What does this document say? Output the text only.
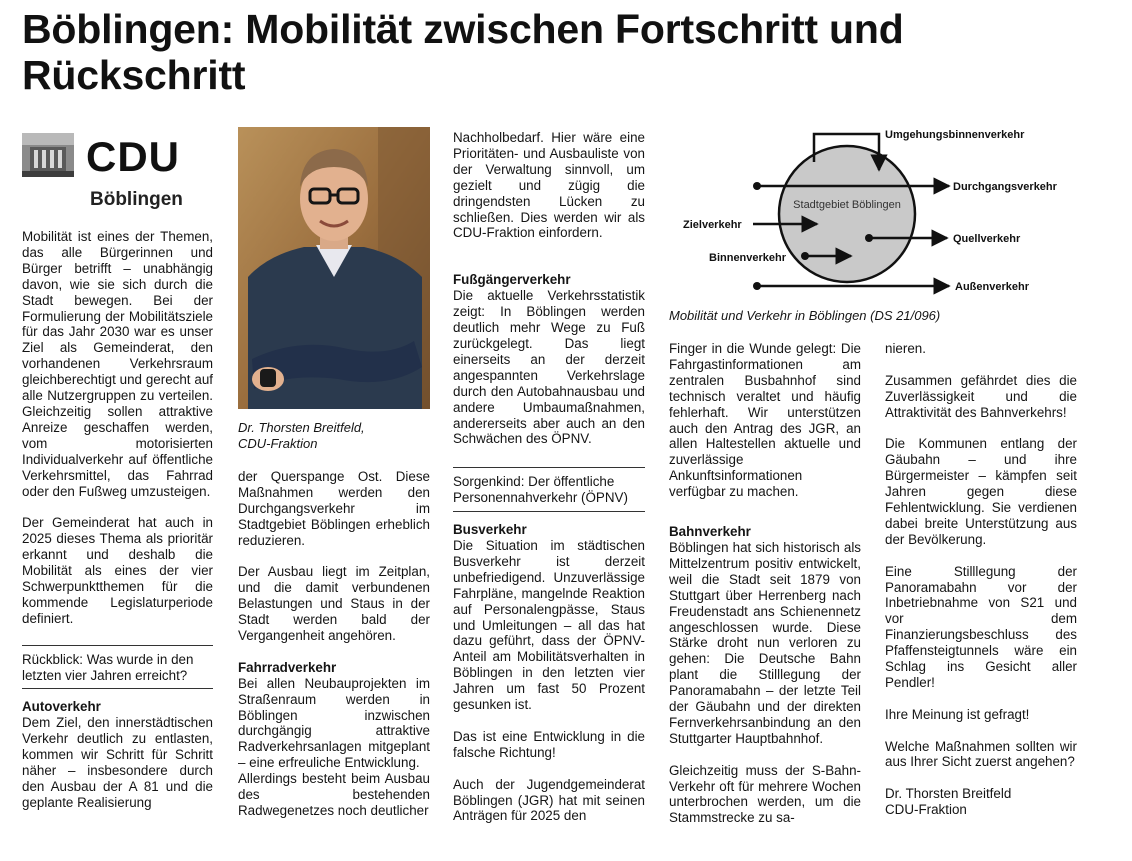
Böblingen: Mobilität zwischen Fortschritt und Rückschritt
CDU
Böblingen

Mobilität ist eines der Themen, das alle Bürgerinnen und Bürger betrifft – unabhängig davon, wie sie sich durch die Stadt bewegen. Bei der Formulierung der Mobilitätsziele für das Jahr 2030 war es unser Ziel als Gemeinderat, den vorhandenen Verkehrsraum gleichberechtigt und gerecht auf alle Nutzergruppen zu verteilen. Gleichzeitig sollen attraktive Anreize geschaffen werden, vom motorisierten Individualverkehr auf öffentliche Verkehrsmittel, das Fahrrad oder den Fußweg umzusteigen.

Der Gemeinderat hat auch in 2025 dieses Thema als prioritär erkannt und deshalb die Mobilität als eines der vier Schwerpunktthemen für die kommende Legislaturperiode definiert.

Rückblick: Was wurde in den letzten vier Jahren erreicht?
Autoverkehr

Dem Ziel, den innerstädtischen Verkehr deutlich zu entlasten, kommen wir Schritt für Schritt näher – insbesondere durch den Ausbau der A 81 und die geplante Realisierung

Dr. Thorsten Breitfeld,
CDU-Fraktion

der Querspange Ost. Diese Maßnahmen werden den Durchgangsverkehr im Stadtgebiet Böblingen erheblich reduzieren.

Der Ausbau liegt im Zeitplan, und die damit verbundenen Belastungen und Staus in der Stadt werden bald der Vergangenheit angehören.

Fahrradverkehr

Bei allen Neubauprojekten im Straßenraum werden in Böblingen inzwischen durchgängig attraktive Radverkehrsanlagen mitgeplant – eine erfreuliche Entwicklung.

Allerdings besteht beim Ausbau des bestehenden Radwegenetzes noch deutlicher

Nachholbedarf. Hier wäre eine Prioritäten- und Ausbauliste von der Verwaltung sinnvoll, um gezielt und zügig die dringendsten Lücken zu schließen. Dies werden wir als CDU-Fraktion einfordern.

Fußgängerverkehr

Die aktuelle Verkehrsstatistik zeigt: In Böblingen werden deutlich mehr Wege zu Fuß zurückgelegt. Das liegt einerseits an der derzeit angespannten Verkehrslage durch den Autobahnausbau und andere Umbaumaßnahmen, andererseits aber auch an den Schwächen des ÖPNV.

Sorgenkind: Der öffentliche Personennahverkehr (ÖPNV)
Busverkehr

Die Situation im städtischen Busverkehr ist derzeit unbefriedigend. Unzuverlässige Fahrpläne, mangelnde Reaktion auf Personalengpässe, Staus und Umleitungen – all das hat dazu geführt, dass der ÖPNV-Anteil am Mobilitätsverhalten in Böblingen in den letzten vier Jahren um fast 50 Prozent gesunken ist.

Das ist eine Entwicklung in die falsche Richtung!

Auch der Jugendgemeinderat Böblingen (JGR) hat mit seinen Anträgen für 2025 den

Stadtgebiet Böblingen
Umgehungsbinnenverkehr
Durchgangsverkehr
Zielverkehr
Quellverkehr
Binnenverkehr
Außenverkehr
Mobilität und Verkehr in Böblingen (DS 21/096)

Finger in die Wunde gelegt: Die Fahrgastinformationen am zentralen Busbahnhof sind technisch veraltet und häufig fehlerhaft. Wir unterstützen auch den Antrag des JGR, an allen Haltestellen aktuelle und zuverlässige Ankunftsinformationen verfügbar zu machen.

Bahnverkehr

Böblingen hat sich historisch als Mittelzentrum positiv entwickelt, weil die Stadt seit 1879 von Stuttgart über Herrenberg nach Freudenstadt ans Schienennetz angeschlossen wurde. Diese Stärke droht nun verloren zu gehen: Die Deutsche Bahn plant die Stilllegung der Panoramabahn – der letzte Teil der Gäubahn und der direkten Fernverkehrsanbindung an den Stuttgarter Hauptbahnhof.

Gleichzeitig muss der S-Bahn-Verkehr oft für mehrere Wochen unterbrochen werden, um die Stammstrecke zu sa-

nieren.

Zusammen gefährdet dies die Zuverlässigkeit und die Attraktivität des Bahnverkehrs!

Die Kommunen entlang der Gäubahn – und ihre Bürgermeister – kämpfen seit Jahren gegen diese Fehlentwicklung. Sie verdienen dabei breite Unterstützung aus der Bevölkerung.

Eine Stilllegung der Panoramabahn vor der Inbetriebnahme von S21 und vor dem Finanzierungsbeschluss des Pfaffensteigtunnels wäre ein Schlag ins Gesicht aller Pendler!

Ihre Meinung ist gefragt!

Welche Maßnahmen sollten wir aus Ihrer Sicht zuerst angehen?

Dr. Thorsten Breitfeld
CDU-Fraktion
